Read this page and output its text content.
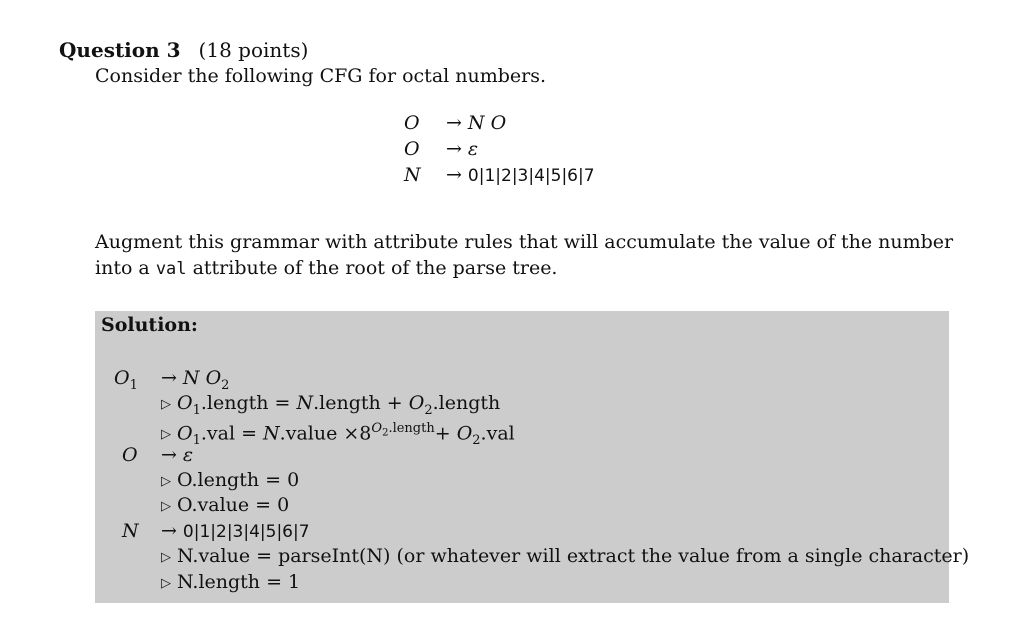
Question 3 (18 points)
Consider the following CFG for octal numbers.
O	→ N O
O	→ ε
N	→ 0|1|2|3|4|5|6|7
Augment this grammar with attribute rules that will accumulate the value of the number into a val attribute of the root of the parse tree.
Solution:
$O_1 \to N$ $O_2$
▷ $O_1.length$ = N.length + $O_2.length$
▷ $O_1.val$ = N.value $\times 8^{O_2.length}+ O_2.val$
O → ε
▷ O.length = 0
▷ O.value = 0
N → 0|1|2|3|4|5|6|7
▷ N.value = parseInt(N) (or whatever will extract the value from a single character)
▷ N.length = 1
